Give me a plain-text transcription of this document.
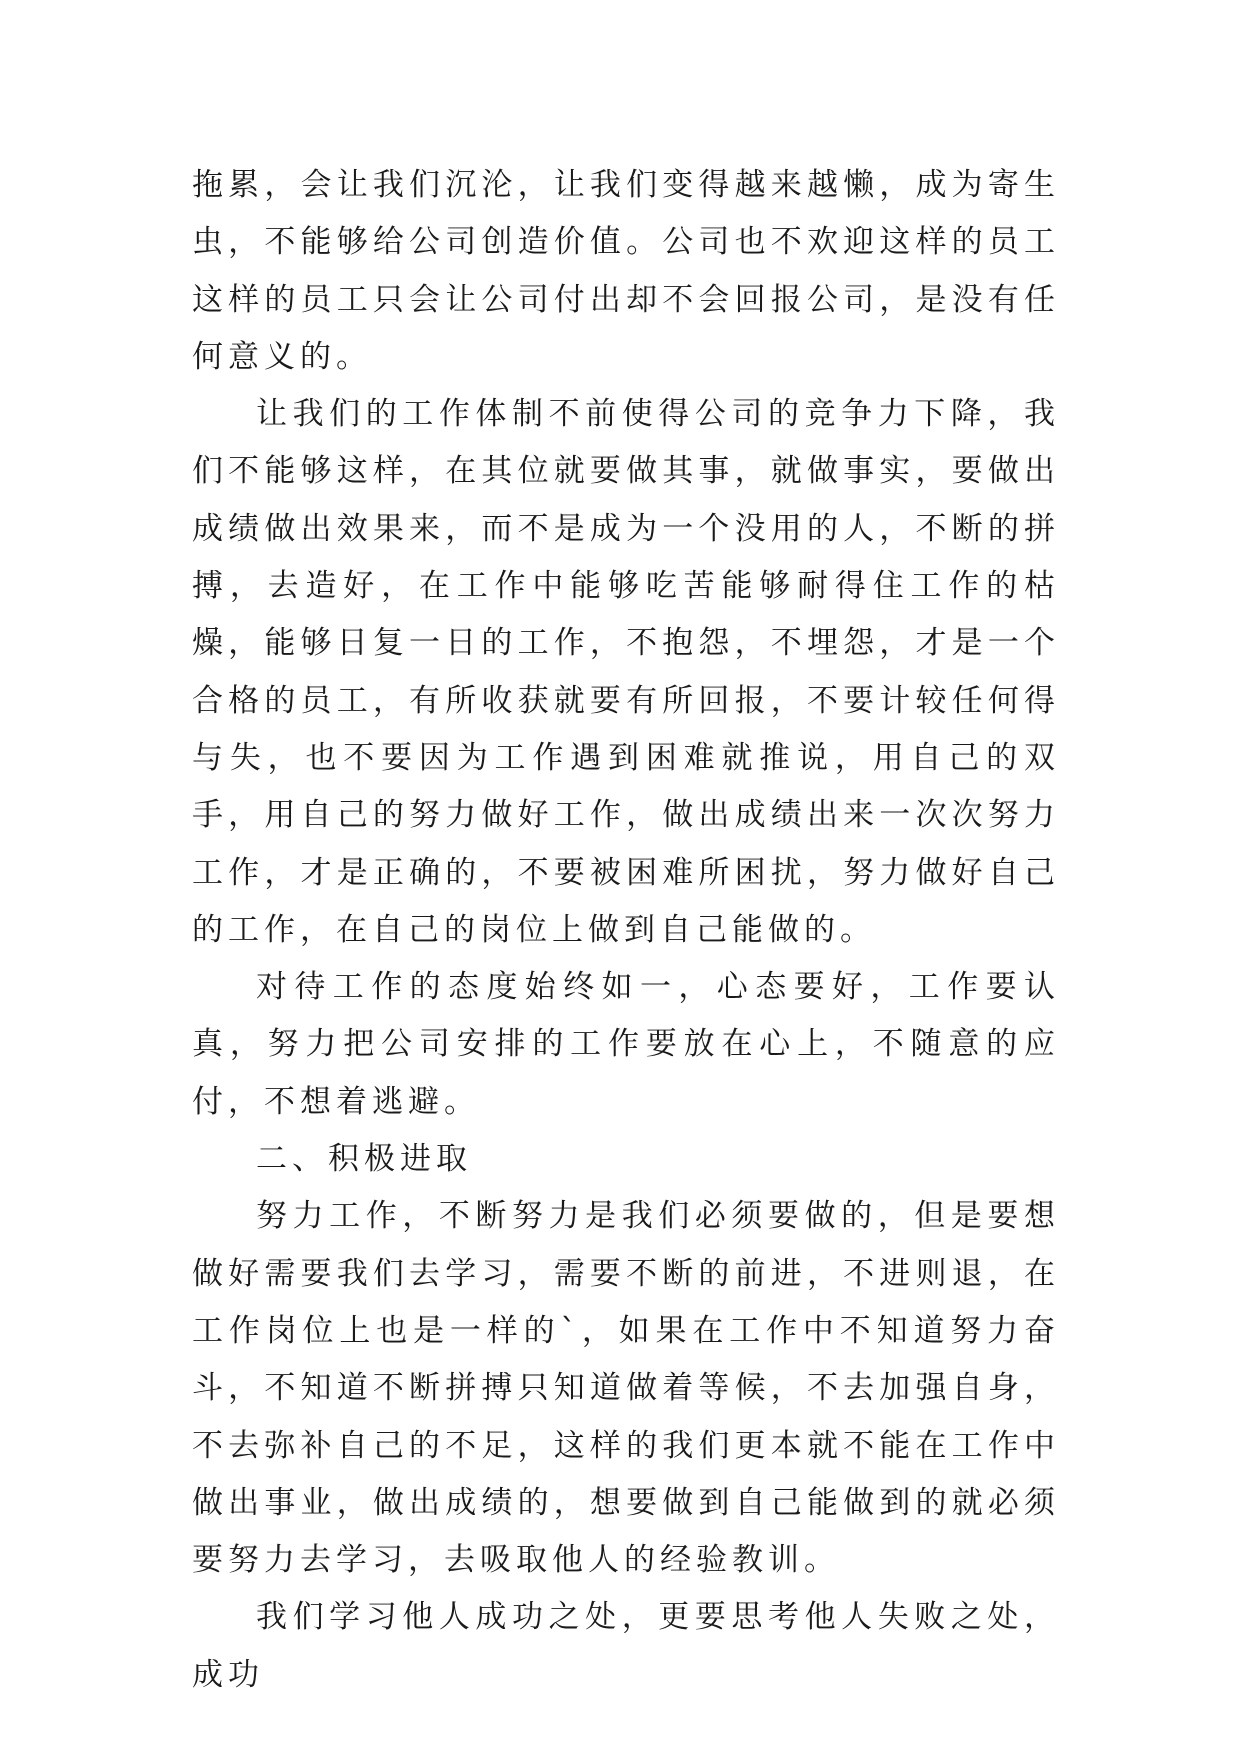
拖累，会让我们沉沦，让我们变得越来越懒，成为寄生虫，不能够给公司创造价值。公司也不欢迎这样的员工这样的员工只会让公司付出却不会回报公司，是没有任何意义的。

让我们的工作体制不前使得公司的竞争力下降，我们不能够这样，在其位就要做其事，就做事实，要做出成绩做出效果来，而不是成为一个没用的人，不断的拼搏，去造好，在工作中能够吃苦能够耐得住工作的枯燥，能够日复一日的工作，不抱怨，不埋怨，才是一个合格的员工，有所收获就要有所回报，不要计较任何得与失，也不要因为工作遇到困难就推说，用自己的双手，用自己的努力做好工作，做出成绩出来一次次努力工作，才是正确的，不要被困难所困扰，努力做好自己的工作，在自己的岗位上做到自己能做的。

对待工作的态度始终如一，心态要好，工作要认真，努力把公司安排的工作要放在心上，不随意的应付，不想着逃避。

二、积极进取

努力工作，不断努力是我们必须要做的，但是要想做好需要我们去学习，需要不断的前进，不进则退，在工作岗位上也是一样的`，如果在工作中不知道努力奋斗，不知道不断拼搏只知道做着等候，不去加强自身，不去弥补自己的不足，这样的我们更本就不能在工作中做出事业，做出成绩的，想要做到自己能做到的就必须要努力去学习，去吸取他人的经验教训。

我们学习他人成功之处，更要思考他人失败之处，成功
